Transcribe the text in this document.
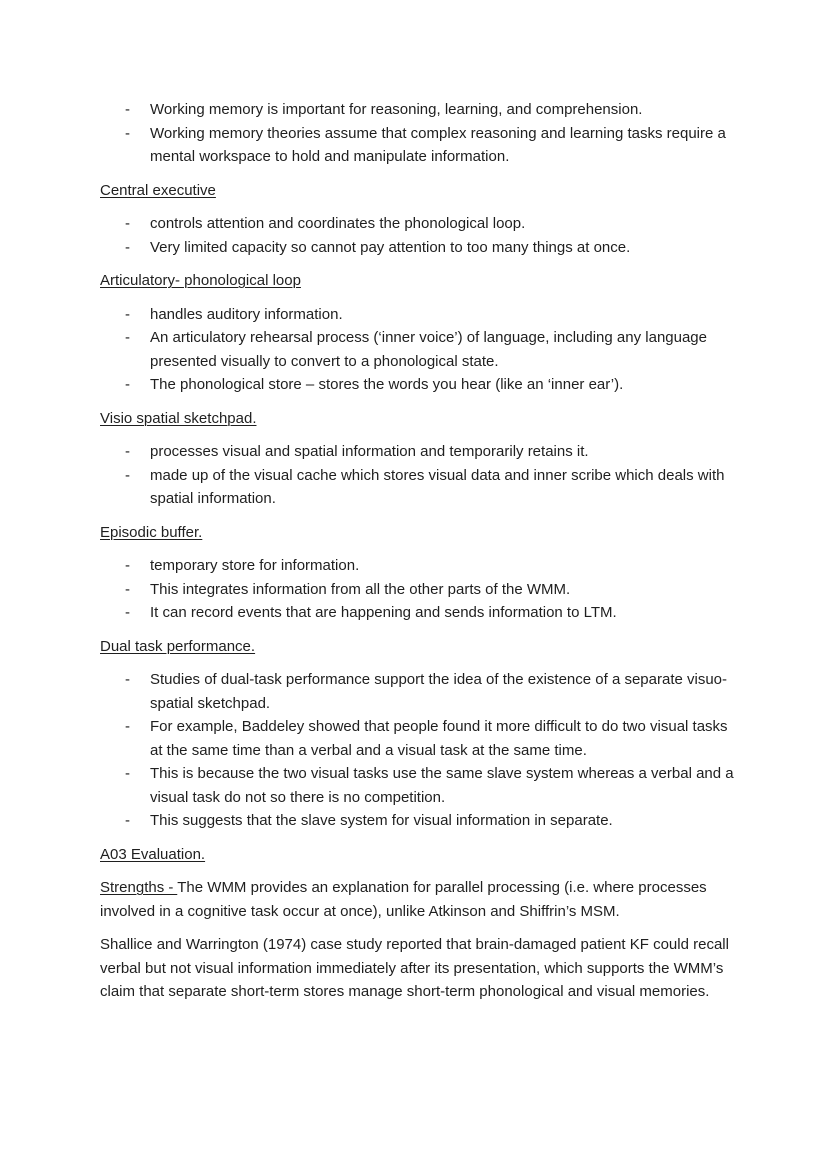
- Working memory is important for reasoning, learning, and comprehension.
- Working memory theories assume that complex reasoning and learning tasks require a mental workspace to hold and manipulate information.
Central executive
- controls attention and coordinates the phonological loop.
- Very limited capacity so cannot pay attention to too many things at once.
Articulatory- phonological loop
- handles auditory information.
- An articulatory rehearsal process (‘inner voice’) of language, including any language presented visually to convert to a phonological state.
- The phonological store – stores the words you hear (like an ‘inner ear’).
Visio spatial sketchpad.
- processes visual and spatial information and temporarily retains it.
- made up of the visual cache which stores visual data and inner scribe which deals with spatial information.
Episodic buffer.
- temporary store for information.
- This integrates information from all the other parts of the WMM.
- It can record events that are happening and sends information to LTM.
Dual task performance.
- Studies of dual-task performance support the idea of the existence of a separate visuo-spatial sketchpad.
- For example, Baddeley showed that people found it more difficult to do two visual tasks at the same time than a verbal and a visual task at the same time.
- This is because the two visual tasks use the same slave system whereas a verbal and a visual task do not so there is no competition.
- This suggests that the slave system for visual information in separate.
A03 Evaluation.

Strengths - The WMM provides an explanation for parallel processing (i.e. where processes involved in a cognitive task occur at once), unlike Atkinson and Shiffrin’s MSM.

Shallice and Warrington (1974) case study reported that brain-damaged patient KF could recall verbal but not visual information immediately after its presentation, which supports the WMM’s claim that separate short-term stores manage short-term phonological and visual memories.
